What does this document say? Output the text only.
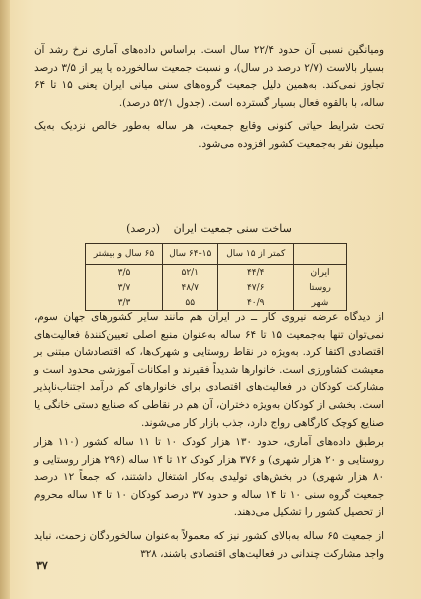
ومیانگین نسبی آن حدود ۲۲/۴ سال است. براساس داده‌های آماری نرخ رشد آن بسیار بالاست (۲/۷ درصد در سال)، و نسبت جمعیت سالخورده یا پیر از ۳/۵ درصد تجاوز نمی‌کند. به‌همین دلیل جمعیت گروه‌های سنی میانی ایران یعنی ۱۵ تا ۶۴ ساله، با بالقوه فعال بسیار گسترده است. (جدول ۵۲/۱ درصد).

تحت شرایط حیاتی کنونی وقایع جمعیت، هر ساله به‌طور خالص نزدیک به‌یک میلیون نفر به‌جمعیت کشور افزوده می‌شود.

ساخت سنی جمعیت ایران (درصد)
	کمتر از ۱۵ سال	۶۴-۱۵ سال	۶۵ سال و بیشتر
ایران	۴۴/۴	۵۲/۱	۳/۵
روستا	۴۷/۶	۴۸/۷	۳/۷
شهر	۴۰/۹	۵۵	۳/۳

از دیدگاه عرضه نیروی کار ــ در ایران هم مانند سایر کشورهای جهان سوم، نمی‌توان تنها به‌جمعیت ۱۵ تا ۶۴ ساله به‌عنوان منبع اصلی تعیین‌کنندهٔ فعالیت‌های اقتصادی اکتفا کرد. به‌ویژه در نقاط روستایی و شهرک‌ها، که اقتصادشان مبتنی بر معیشت کشاورزی است. خانوارها شدیداً فقیرند و امکانات آموزشی محدود است و مشارکت کودکان در فعالیت‌های اقتصادی برای خانوارهای کم درآمد اجتناب‌ناپذیر است. بخشی از کودکان به‌ویژه دختران، آن هم در نقاطی که صنایع دستی خانگی یا صنایع کوچک کارگاهی رواج دارد، جذب بازار کار می‌شوند.

برطبق داده‌های آماری، حدود ۱۳۰ هزار کودک ۱۰ تا ۱۱ ساله کشور (۱۱۰ هزار روستایی و ۲۰ هزار شهری) و ۳۷۶ هزار کودک ۱۲ تا ۱۴ ساله (۲۹۶ هزار روستایی و ۸۰ هزار شهری) در بخش‌های تولیدی به‌کار اشتغال داشتند، که جمعاً ۱۲ درصد جمعیت گروه سنی ۱۰ تا ۱۴ ساله و حدود ۳۷ درصد کودکان ۱۰ تا ۱۴ ساله محروم از تحصیل کشور را تشکیل می‌دهند.

از جمعیت ۶۵ ساله به‌بالای کشور نیز که معمولاً به‌عنوان سالخوردگان زحمت، نباید واجد مشارکت چندانی در فعالیت‌های اقتصادی باشند، ۳۲۸

۳۷
